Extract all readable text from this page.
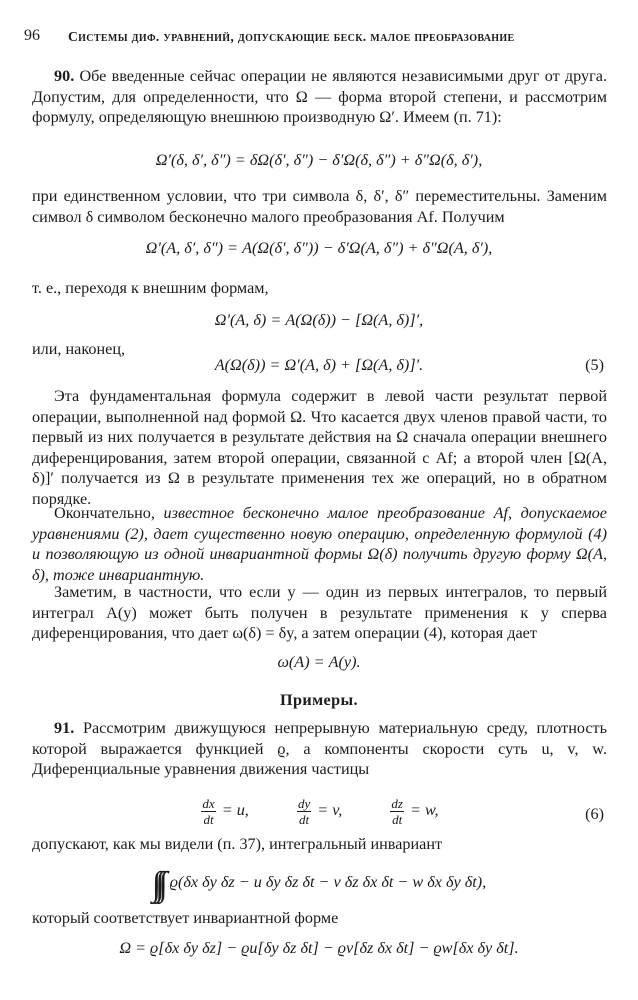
96 Системы диф. уравнений, допускающие беск. малое преобразование

90. Обе введенные сейчас операции не являются независимыми друг от друга. Допустим, для определенности, что Ω — форма второй степени, и рассмотрим формулу, определяющую внешнюю производную Ω′. Имеем (п. 71):

Ω′(δ, δ′, δ″) = δΩ(δ′, δ″) − δ′Ω(δ, δ″) + δ″Ω(δ, δ′),

при единственном условии, что три символа δ, δ′, δ″ переместительны. Заменим символ δ символом бесконечно малого преобразования Af. Получим

Ω′(A, δ′, δ″) = A(Ω(δ′, δ″)) − δ′Ω(A, δ″) + δ″Ω(A, δ′),

т. е., переходя к внешним формам,

Ω′(A, δ) = A(Ω(δ)) − [Ω(A, δ)]′,

или, наконец,

A(Ω(δ)) = Ω′(A, δ) + [Ω(A, δ)]′.	(5)

Эта фундаментальная формула содержит в левой части результат первой операции, выполненной над формой Ω. Что касается двух членов правой части, то первый из них получается в результате действия на Ω сначала операции внешнего диференцирования, затем второй операции, связанной с Af; а второй член [Ω(A, δ)]′ получается из Ω в результате применения тех же операций, но в обратном порядке.

Окончательно, известное бесконечно малое преобразование Af, допускаемое уравнениями (2), дает существенно новую операцию, определенную формулой (4) и позволяющую из одной инвариантной формы Ω(δ) получить другую форму Ω(A, δ), тоже инвариантную.

Заметим, в частности, что если y — один из первых интегралов, то первый интеграл A(y) может быть получен в результате применения к y сперва диференцирования, что дает ω(δ) = δy, а затем операции (4), которая дает

ω(A) = A(y).
Примеры.

91. Рассмотрим движущуюся непрерывную материальную среду, плотность которой выражается функцией ϱ, а компоненты скорости суть u, v, w. Диференциальные уравнения движения частицы

$\frac{dx}{dt} = u$,	$\frac{dy}{dt} = v$,	$\frac{dz}{dt} = w$,	(6)

допускают, как мы видели (п. 37), интегральный инвариант

∫∫∫ ϱ(δx δy δz − u δy δz δt − v δz δx δt − w δx δy δt),

который соответствует инвариантной форме

Ω = ϱ[δx δy δz] − ϱu[δy δz δt] − ϱv[δz δx δt] − ϱw[δx δy δt].
